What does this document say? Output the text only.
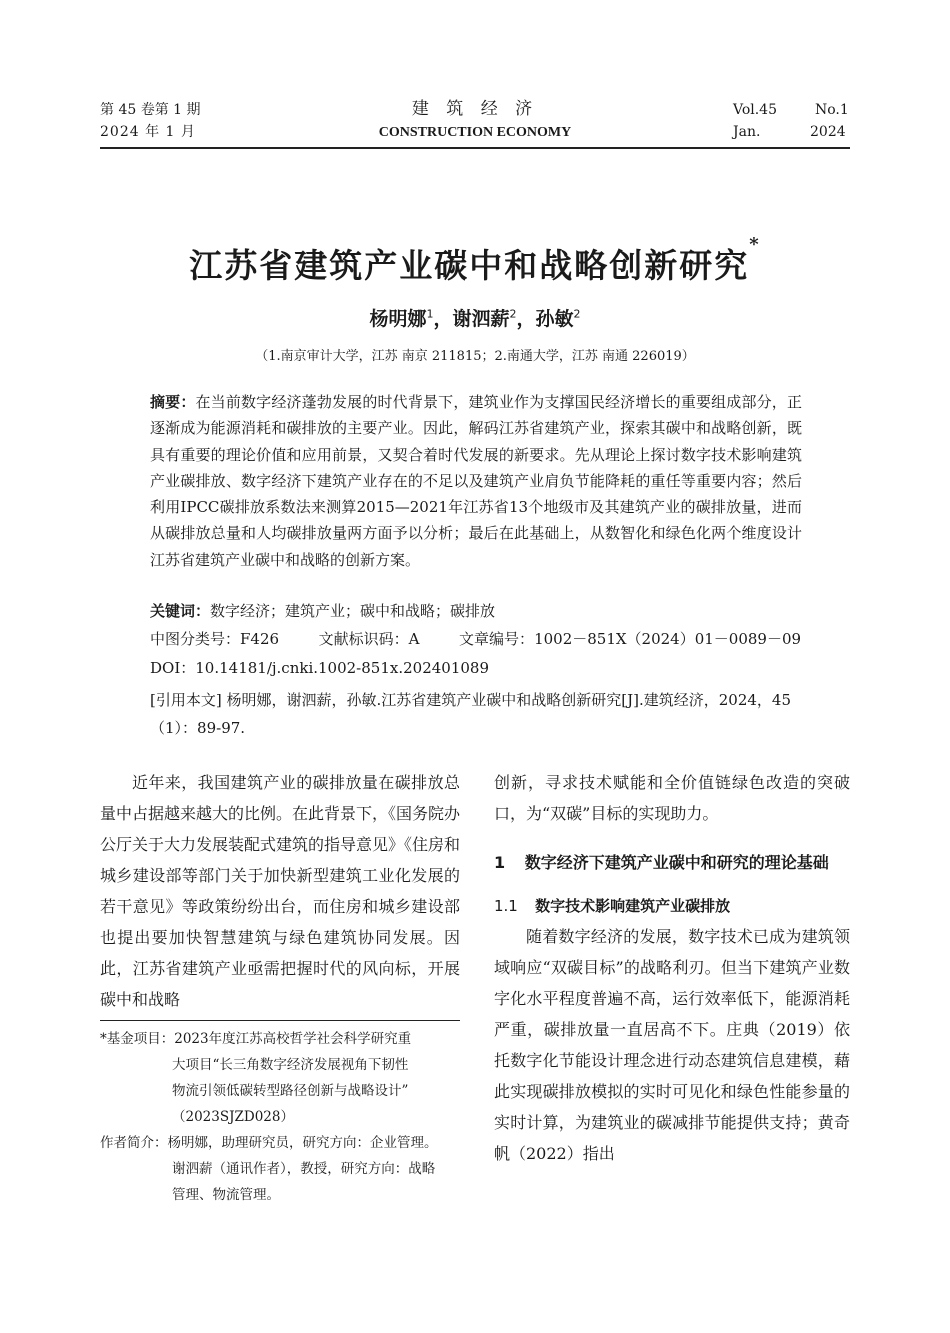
第 45 卷第 1 期
2024 年 1 月
建 筑 经 济
CONSTRUCTION ECONOMY
Vol.45	No.1
Jan.	2024
江苏省建筑产业碳中和战略创新研究*
杨明娜$^1$，谢泗薪$^2$，孙敏$^2$
（1.南京审计大学，江苏 南京 211815；2.南通大学，江苏 南通 226019）

摘要：在当前数字经济蓬勃发展的时代背景下，建筑业作为支撑国民经济增长的重要组成部分，正逐渐成为能源消耗和碳排放的主要产业。因此，解码江苏省建筑产业，探索其碳中和战略创新，既具有重要的理论价值和应用前景，又契合着时代发展的新要求。先从理论上探讨数字技术影响建筑产业碳排放、数字经济下建筑产业存在的不足以及建筑产业肩负节能降耗的重任等重要内容；然后利用IPCC碳排放系数法来测算2015—2021年江苏省13个地级市及其建筑产业的碳排放量，进而从碳排放总量和人均碳排放量两方面予以分析；最后在此基础上，从数智化和绿色化两个维度设计江苏省建筑产业碳中和战略的创新方案。

关键词：数字经济；建筑产业；碳中和战略；碳排放
中图分类号：F426	文献标识码：A	文章编号：1002－851X（2024）01－0089－09
DOI：10.14181/j.cnki.1002-851x.202401089
[引用本文] 杨明娜，谢泗薪，孙敏.江苏省建筑产业碳中和战略创新研究[J].建筑经济，2024，45（1）：89-97.

近年来，我国建筑产业的碳排放量在碳排放总量中占据越来越大的比例。在此背景下，《国务院办公厅关于大力发展装配式建筑的指导意见》《住房和城乡建设部等部门关于加快新型建筑工业化发展的若干意见》等政策纷纷出台，而住房和城乡建设部也提出要加快智慧建筑与绿色建筑协同发展。因此，江苏省建筑产业亟需把握时代的风向标，开展碳中和战略

*基金项目：2023年度江苏高校哲学社会科学研究重
大项目“长三角数字经济发展视角下韧性
物流引领低碳转型路径创新与战略设计”
（2023SJZD028）
作者简介：杨明娜，助理研究员，研究方向：企业管理。
谢泗薪（通讯作者），教授，研究方向：战略
管理、物流管理。

创新，寻求技术赋能和全价值链绿色改造的突破口，为“双碳”目标的实现助力。

1 数字经济下建筑产业碳中和研究的理论基础
1.1 数字技术影响建筑产业碳排放

随着数字经济的发展，数字技术已成为建筑领域响应“双碳目标”的战略利刃。但当下建筑产业数字化水平程度普遍不高，运行效率低下，能源消耗严重，碳排放量一直居高不下。庄典（2019）依托数字化节能设计理念进行动态建筑信息建模，藉此实现碳排放模拟的实时可见化和绿色性能参量的实时计算，为建筑业的碳减排节能提供支持；黄奇帆（2022）指出
